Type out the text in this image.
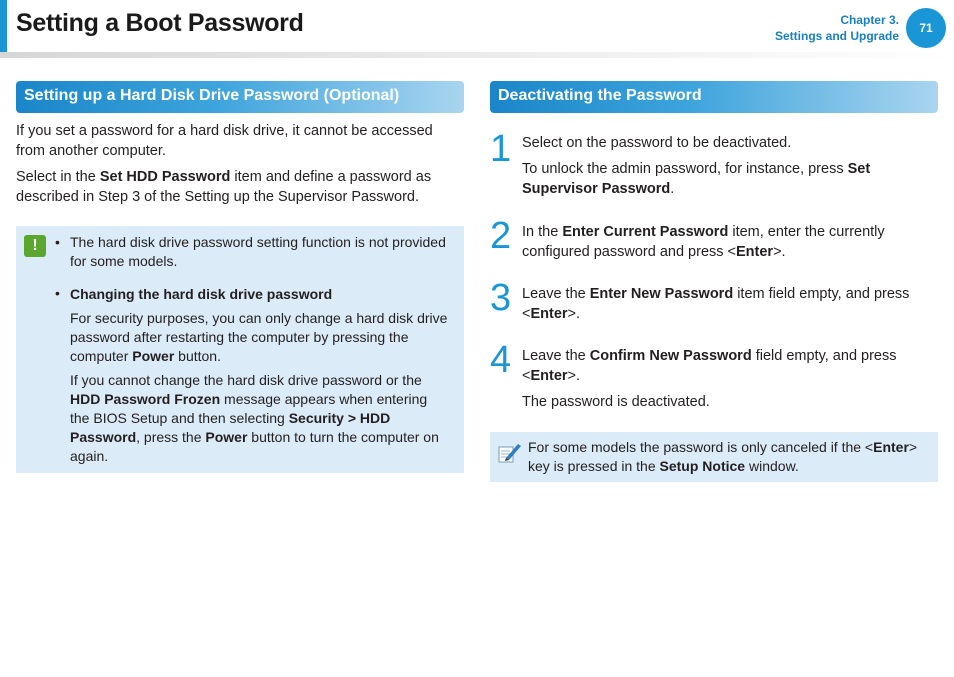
Setting a Boot Password	Chapter 3.
Settings and Upgrade
71
Setting up a Hard Disk Drive Password (Optional)
If you set a password for a hard disk drive, it cannot be accessed from another computer.
Select in the Set HDD Password item and define a password as described in Step 3 of the Setting up the Supervisor Password.
!	• The hard disk drive password setting function is not provided for some models.
• Changing the hard disk drive password
For security purposes, you can only change a hard disk drive password after restarting the computer by pressing the computer Power button.
If you cannot change the hard disk drive password or the HDD Password Frozen message appears when entering the BIOS Setup and then selecting Security > HDD Password, press the Power button to turn the computer on again.
Deactivating the Password
1 Select on the password to be deactivated.
To unlock the admin password, for instance, press Set Supervisor Password.
2 In the Enter Current Password item, enter the currently configured password and press <Enter>.
3 Leave the Enter New Password item field empty, and press <Enter>.
4 Leave the Confirm New Password field empty, and press <Enter>.
The password is deactivated.
For some models the password is only canceled if the <Enter> key is pressed in the Setup Notice window.
